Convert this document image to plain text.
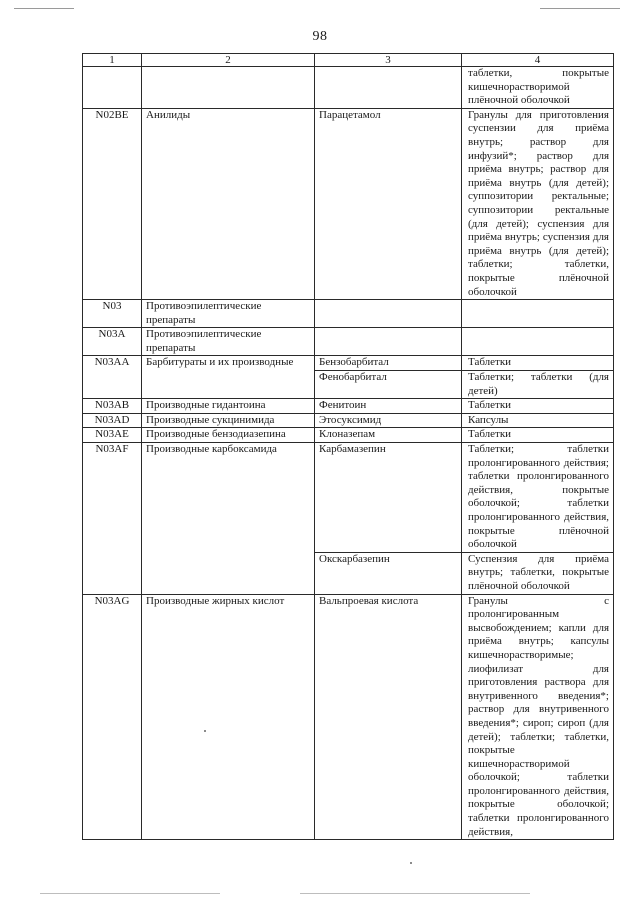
98
1	2	3	4
			таблетки, покрытые кишечнорастворимой плёночной оболочкой
N02BE	Анилиды	Парацетамол	Гранулы для приготовления суспензии для приёма внутрь; раствор для инфузий*; раствор для приёма внутрь; раствор для приёма внутрь (для детей); суппозитории ректальные; суппозитории ректальные (для детей); суспензия для приёма внутрь; суспензия для приёма внутрь (для детей); таблетки; таблетки, покрытые плёночной оболочкой
N03	Противоэпилептические препараты		
N03A	Противоэпилептические препараты		
N03AA	Барбитураты и их производные	Бензобарбитал	Таблетки
		Фенобарбитал	Таблетки; таблетки (для детей)
N03AB	Производные гидантоина	Фенитоин	Таблетки
N03AD	Производные сукцинимида	Этосуксимид	Капсулы
N03AE	Производные бензодиазепина	Клоназепам	Таблетки
N03AF	Производные карбоксамида	Карбамазепин	Таблетки; таблетки пролонгированного действия; таблетки пролонгированного действия, покрытые оболочкой; таблетки пролонгированного действия, покрытые плёночной оболочкой
		Окскарбазепин	Суспензия для приёма внутрь; таблетки, покрытые плёночной оболочкой
N03AG	Производные жирных кислот	Вальпроевая кислота	Гранулы с пролонгированным высвобождением; капли для приёма внутрь; капсулы кишечнорастворимые; лиофилизат для приготовления раствора для внутривенного введения*; раствор для внутривенного введения*; сироп; сироп (для детей); таблетки; таблетки, покрытые кишечнорастворимой оболочкой; таблетки пролонгированного действия, покрытые оболочкой; таблетки пролонгированного действия,
